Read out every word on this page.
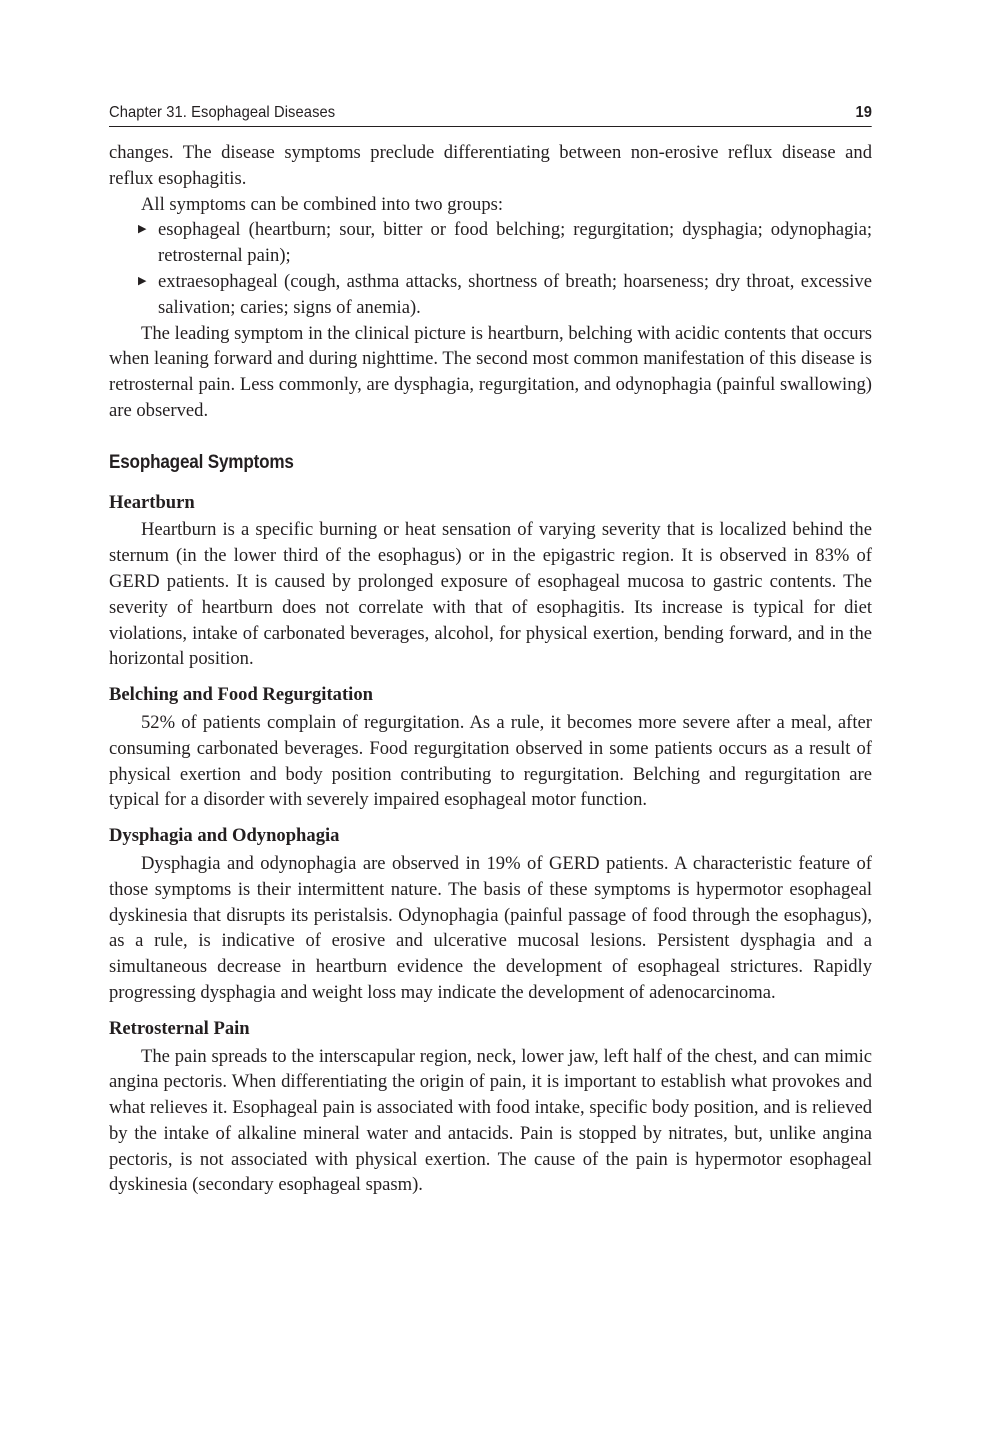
Chapter 31. Esophageal Diseases	19

changes. The disease symptoms preclude differentiating between non-erosive reflux disease and reflux esophagitis.

All symptoms can be combined into two groups:

▶ esophageal (heartburn; sour, bitter or food belching; regurgitation; dysphagia; odynophagia; retrosternal pain);
▶ extraesophageal (cough, asthma attacks, shortness of breath; hoarseness; dry throat, excessive salivation; caries; signs of anemia).

The leading symptom in the clinical picture is heartburn, belching with acidic contents that occurs when leaning forward and during nighttime. The second most common manifestation of this disease is retrosternal pain. Less commonly, are dysphagia, regurgitation, and odynophagia (painful swallowing) are observed.

Esophageal Symptoms
Heartburn

Heartburn is a specific burning or heat sensation of varying severity that is localized behind the sternum (in the lower third of the esophagus) or in the epigastric region. It is observed in 83% of GERD patients. It is caused by prolonged exposure of esophageal mucosa to gastric contents. The severity of heartburn does not correlate with that of esophagitis. Its increase is typical for diet violations, intake of carbonated beverages, alcohol, for physical exertion, bending forward, and in the horizontal position.

Belching and Food Regurgitation

52% of patients complain of regurgitation. As a rule, it becomes more severe after a meal, after consuming carbonated beverages. Food regurgitation observed in some patients occurs as a result of physical exertion and body position contributing to regurgitation. Belching and regurgitation are typical for a disorder with severely impaired esophageal motor function.

Dysphagia and Odynophagia

Dysphagia and odynophagia are observed in 19% of GERD patients. A characteristic feature of those symptoms is their intermittent nature. The basis of these symptoms is hypermotor esophageal dyskinesia that disrupts its peristalsis. Odynophagia (painful passage of food through the esophagus), as a rule, is indicative of erosive and ulcerative mucosal lesions. Persistent dysphagia and a simultaneous decrease in heartburn evidence the development of esophageal strictures. Rapidly progressing dysphagia and weight loss may indicate the development of adenocarcinoma.

Retrosternal Pain

The pain spreads to the interscapular region, neck, lower jaw, left half of the chest, and can mimic angina pectoris. When differentiating the origin of pain, it is important to establish what provokes and what relieves it. Esophageal pain is associated with food intake, specific body position, and is relieved by the intake of alkaline mineral water and antacids. Pain is stopped by nitrates, but, unlike angina pectoris, is not associated with physical exertion. The cause of the pain is hypermotor esophageal dyskinesia (secondary esophageal spasm).
